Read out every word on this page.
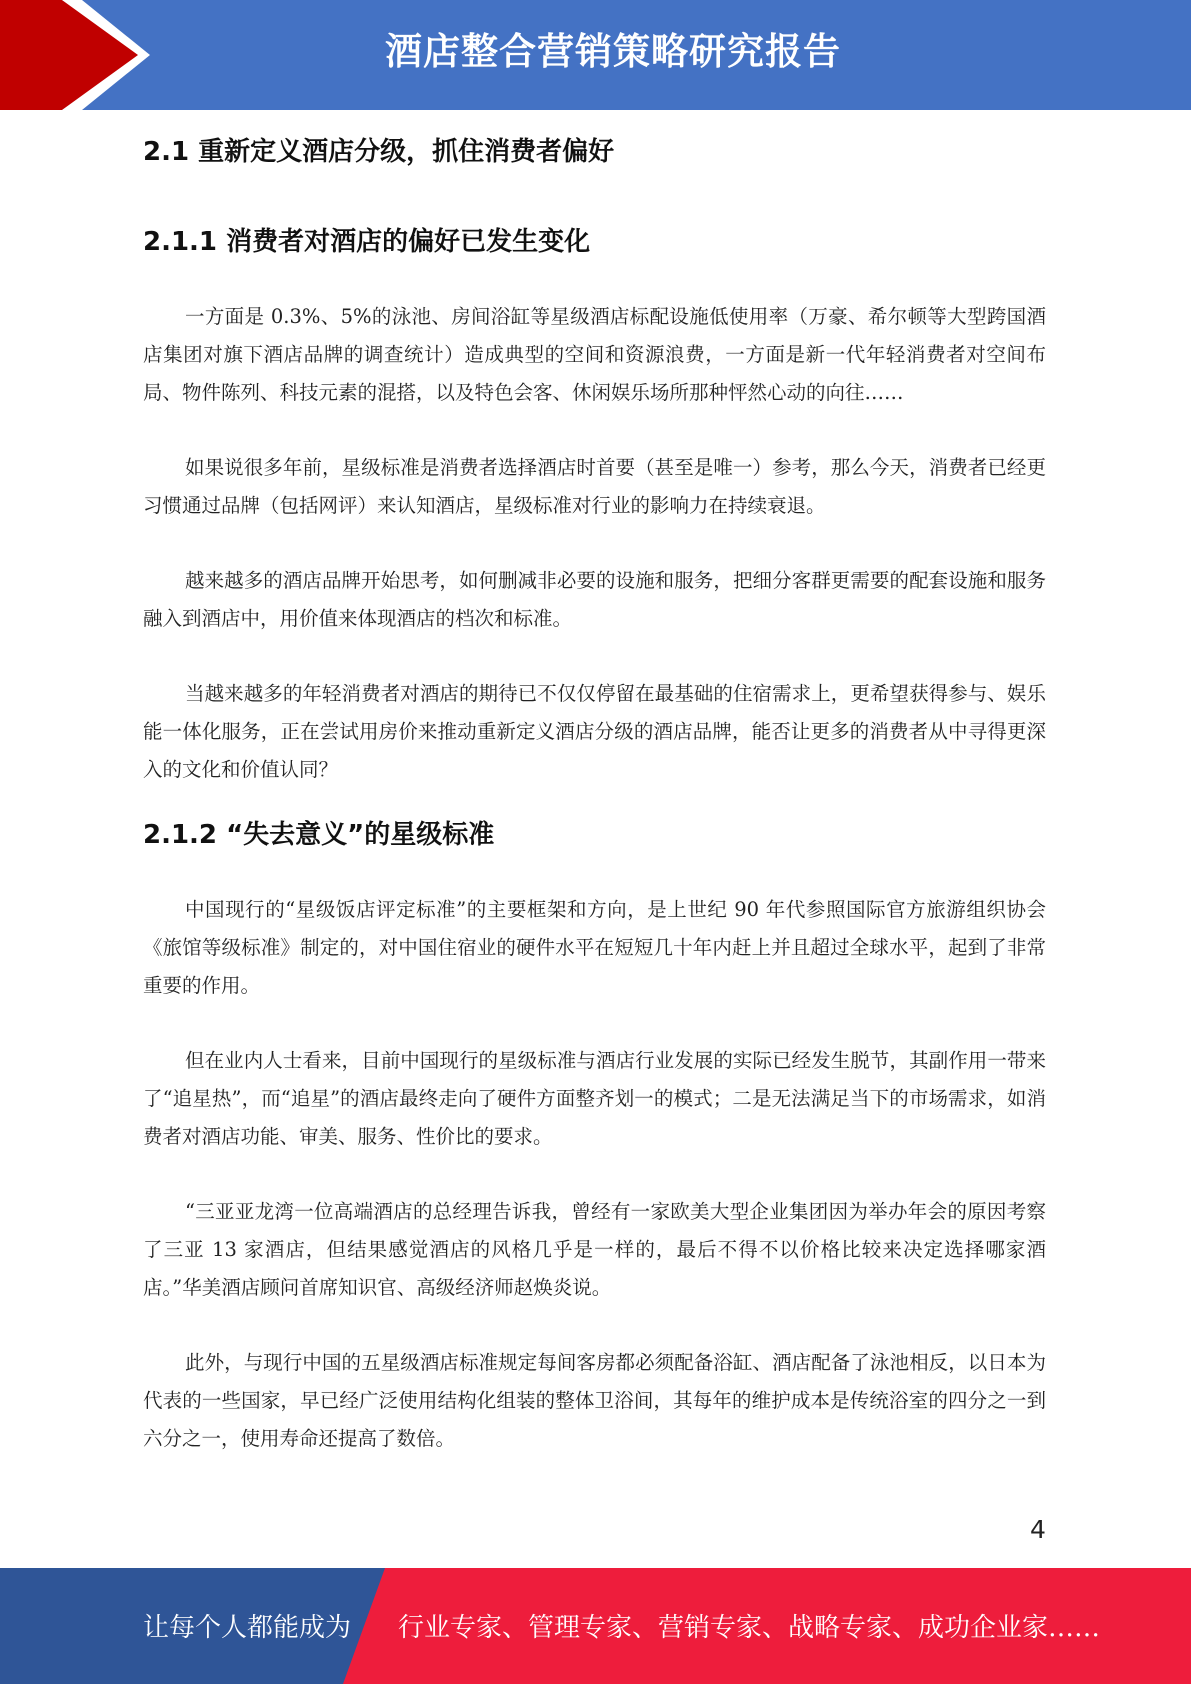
酒店整合营销策略研究报告
2.1 重新定义酒店分级，抓住消费者偏好
2.1.1 消费者对酒店的偏好已发生变化

一方面是 0.3%、5%的泳池、房间浴缸等星级酒店标配设施低使用率（万豪、希尔顿等大型跨国酒店集团对旗下酒店品牌的调查统计）造成典型的空间和资源浪费，一方面是新一代年轻消费者对空间布局、物件陈列、科技元素的混搭，以及特色会客、休闲娱乐场所那种怦然心动的向往……

如果说很多年前，星级标准是消费者选择酒店时首要（甚至是唯一）参考，那么今天，消费者已经更习惯通过品牌（包括网评）来认知酒店，星级标准对行业的影响力在持续衰退。

越来越多的酒店品牌开始思考，如何删减非必要的设施和服务，把细分客群更需要的配套设施和服务融入到酒店中，用价值来体现酒店的档次和标准。

当越来越多的年轻消费者对酒店的期待已不仅仅停留在最基础的住宿需求上，更希望获得参与、娱乐能一体化服务，正在尝试用房价来推动重新定义酒店分级的酒店品牌，能否让更多的消费者从中寻得更深入的文化和价值认同？

2.1.2 “失去意义”的星级标准

中国现行的“星级饭店评定标准”的主要框架和方向，是上世纪 90 年代参照国际官方旅游组织协会《旅馆等级标准》制定的，对中国住宿业的硬件水平在短短几十年内赶上并且超过全球水平，起到了非常重要的作用。

但在业内人士看来，目前中国现行的星级标准与酒店行业发展的实际已经发生脱节，其副作用一带来了“追星热”，而“追星”的酒店最终走向了硬件方面整齐划一的模式；二是无法满足当下的市场需求，如消费者对酒店功能、审美、服务、性价比的要求。

“三亚亚龙湾一位高端酒店的总经理告诉我，曾经有一家欧美大型企业集团因为举办年会的原因考察了三亚 13 家酒店，但结果感觉酒店的风格几乎是一样的，最后不得不以价格比较来决定选择哪家酒店。”华美酒店顾问首席知识官、高级经济师赵焕炎说。

此外，与现行中国的五星级酒店标准规定每间客房都必须配备浴缸、酒店配备了泳池相反，以日本为代表的一些国家，早已经广泛使用结构化组装的整体卫浴间，其每年的维护成本是传统浴室的四分之一到六分之一，使用寿命还提高了数倍。

4
让每个人都能成为 行业专家、管理专家、营销专家、战略专家、成功企业家……
